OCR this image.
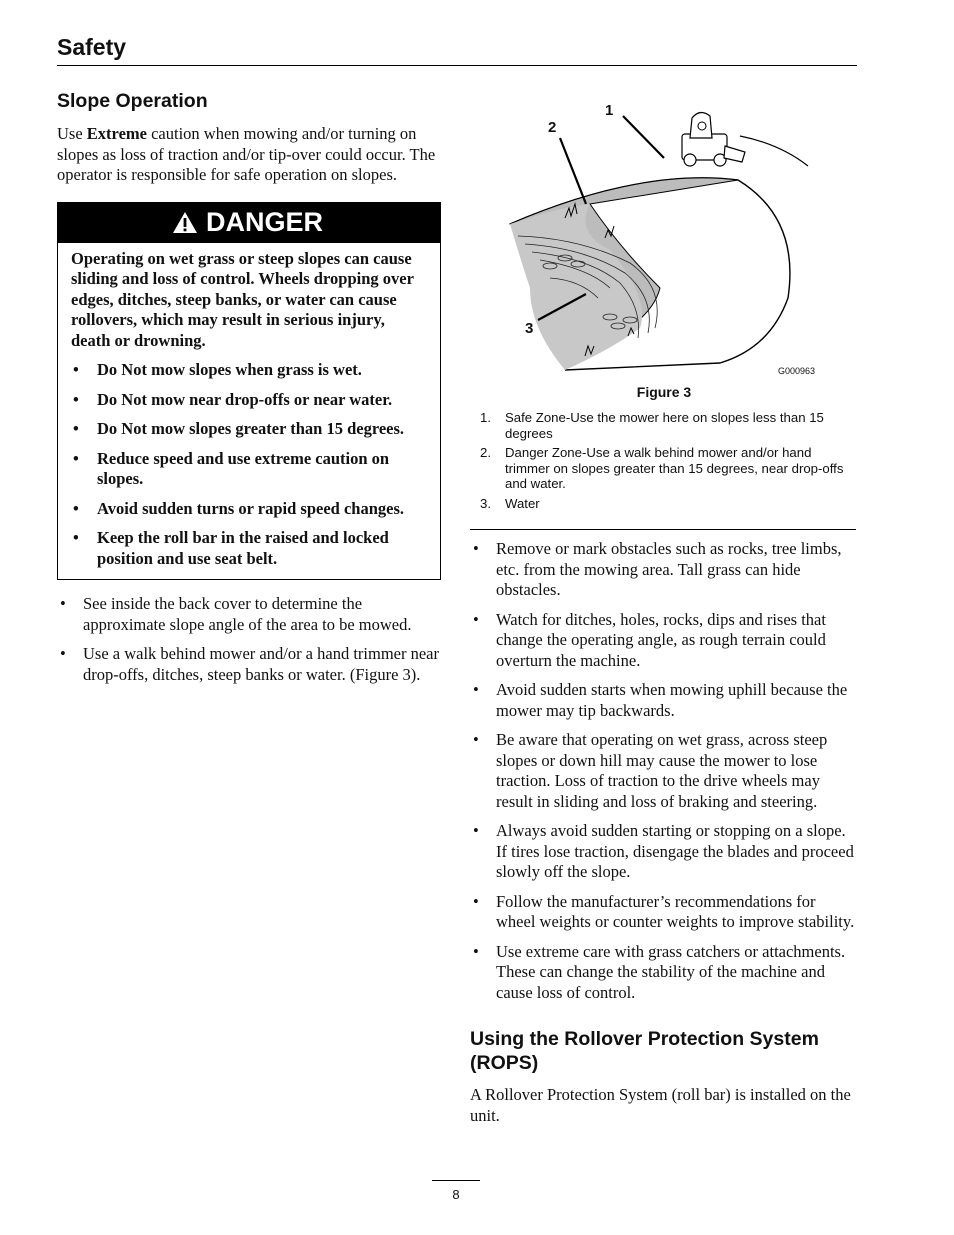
Safety
Slope Operation

Use Extreme caution when mowing and/or turning on slopes as loss of traction and/or tip-over could occur. The operator is responsible for safe operation on slopes.

DANGER

Operating on wet grass or steep slopes can cause sliding and loss of control. Wheels dropping over edges, ditches, steep banks, or water can cause rollovers, which may result in serious injury, death or drowning.

• Do Not mow slopes when grass is wet.
• Do Not mow near drop-offs or near water.
• Do Not mow slopes greater than 15 degrees.
• Reduce speed and use extreme caution on slopes.
• Avoid sudden turns or rapid speed changes.
• Keep the roll bar in the raised and locked position and use seat belt.
• See inside the back cover to determine the approximate slope angle of the area to be mowed.
• Use a walk behind mower and/or a hand trimmer near drop-offs, ditches, steep banks or water. (Figure 3).
1
2
3
G000963
Figure 3
1. Safe Zone-Use the mower here on slopes less than 15 degrees
2. Danger Zone-Use a walk behind mower and/or hand trimmer on slopes greater than 15 degrees, near drop-offs and water.
3. Water
• Remove or mark obstacles such as rocks, tree limbs, etc. from the mowing area. Tall grass can hide obstacles.
• Watch for ditches, holes, rocks, dips and rises that change the operating angle, as rough terrain could overturn the machine.
• Avoid sudden starts when mowing uphill because the mower may tip backwards.
• Be aware that operating on wet grass, across steep slopes or down hill may cause the mower to lose traction. Loss of traction to the drive wheels may result in sliding and loss of braking and steering.
• Always avoid sudden starting or stopping on a slope. If tires lose traction, disengage the blades and proceed slowly off the slope.
• Follow the manufacturer’s recommendations for wheel weights or counter weights to improve stability.
• Use extreme care with grass catchers or attachments. These can change the stability of the machine and cause loss of control.
Using the Rollover Protection System (ROPS)

A Rollover Protection System (roll bar) is installed on the unit.

8
